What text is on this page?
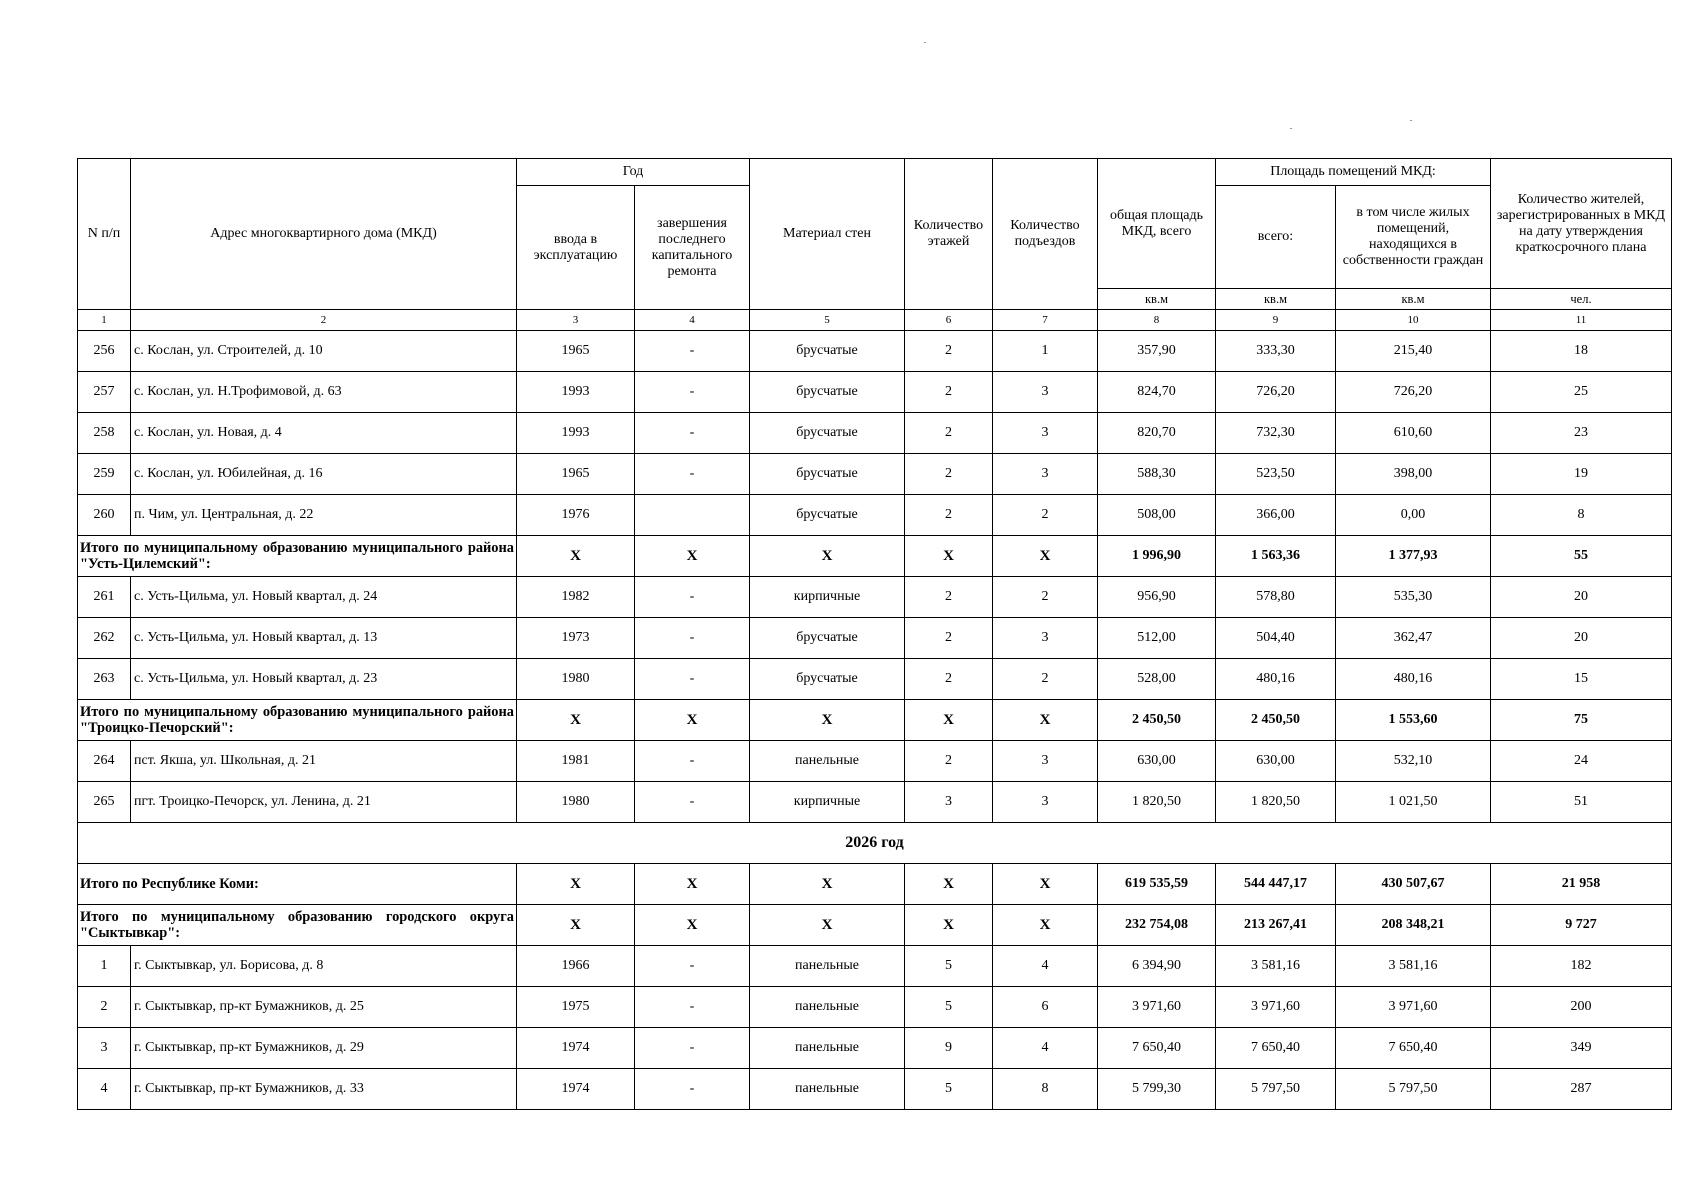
N п/п	Адрес многоквартирного дома (МКД)	Год		Материал стен	Количество этажей	Количество подъездов	общая площадь МКД, всего	Площадь помещений МКД:		Количество жителей, зарегистрированных в МКД на дату утверждения краткосрочного плана
		ввода в эксплуатацию	завершения последнего капитального ремонта					всего:	в том числе жилых помещений, находящихся в собственности граждан	
							кв.м	кв.м	кв.м	чел.
1	2	3	4	5	6	7	8	9	10	11
256	с. Кослан, ул. Строителей, д. 10	1965	-	брусчатые	2	1	357,90	333,30	215,40	18
257	с. Кослан, ул. Н.Трофимовой, д. 63	1993	-	брусчатые	2	3	824,70	726,20	726,20	25
258	с. Кослан, ул. Новая, д. 4	1993	-	брусчатые	2	3	820,70	732,30	610,60	23
259	с. Кослан, ул. Юбилейная, д. 16	1965	-	брусчатые	2	3	588,30	523,50	398,00	19
260	п. Чим, ул. Центральная, д. 22	1976		брусчатые	2	2	508,00	366,00	0,00	8
Итого по муниципальному образованию муниципального района "Усть-Цилемский":		X	X	X	X	X	1 996,90	1 563,36	1 377,93	55
261	с. Усть-Цильма, ул. Новый квартал, д. 24	1982	-	кирпичные	2	2	956,90	578,80	535,30	20
262	с. Усть-Цильма, ул. Новый квартал, д. 13	1973	-	брусчатые	2	3	512,00	504,40	362,47	20
263	с. Усть-Цильма, ул. Новый квартал, д. 23	1980	-	брусчатые	2	2	528,00	480,16	480,16	15
Итого по муниципальному образованию муниципального района "Троицко-Печорский":		X	X	X	X	X	2 450,50	2 450,50	1 553,60	75
264	пст. Якша, ул. Школьная, д. 21	1981	-	панельные	2	3	630,00	630,00	532,10	24
265	пгт. Троицко-Печорск, ул. Ленина, д. 21	1980	-	кирпичные	3	3	1 820,50	1 820,50	1 021,50	51
2026 год										
Итого по Республике Коми:		X	X	X	X	X	619 535,59	544 447,17	430 507,67	21 958
Итого по муниципальному образованию городского округа "Сыктывкар":		X	X	X	X	X	232 754,08	213 267,41	208 348,21	9 727
1	г. Сыктывкар, ул. Борисова, д. 8	1966	-	панельные	5	4	6 394,90	3 581,16	3 581,16	182
2	г. Сыктывкар, пр-кт Бумажников, д. 25	1975	-	панельные	5	6	3 971,60	3 971,60	3 971,60	200
3	г. Сыктывкар, пр-кт Бумажников, д. 29	1974	-	панельные	9	4	7 650,40	7 650,40	7 650,40	349
4	г. Сыктывкар, пр-кт Бумажников, д. 33	1974	-	панельные	5	8	5 799,30	5 797,50	5 797,50	287
